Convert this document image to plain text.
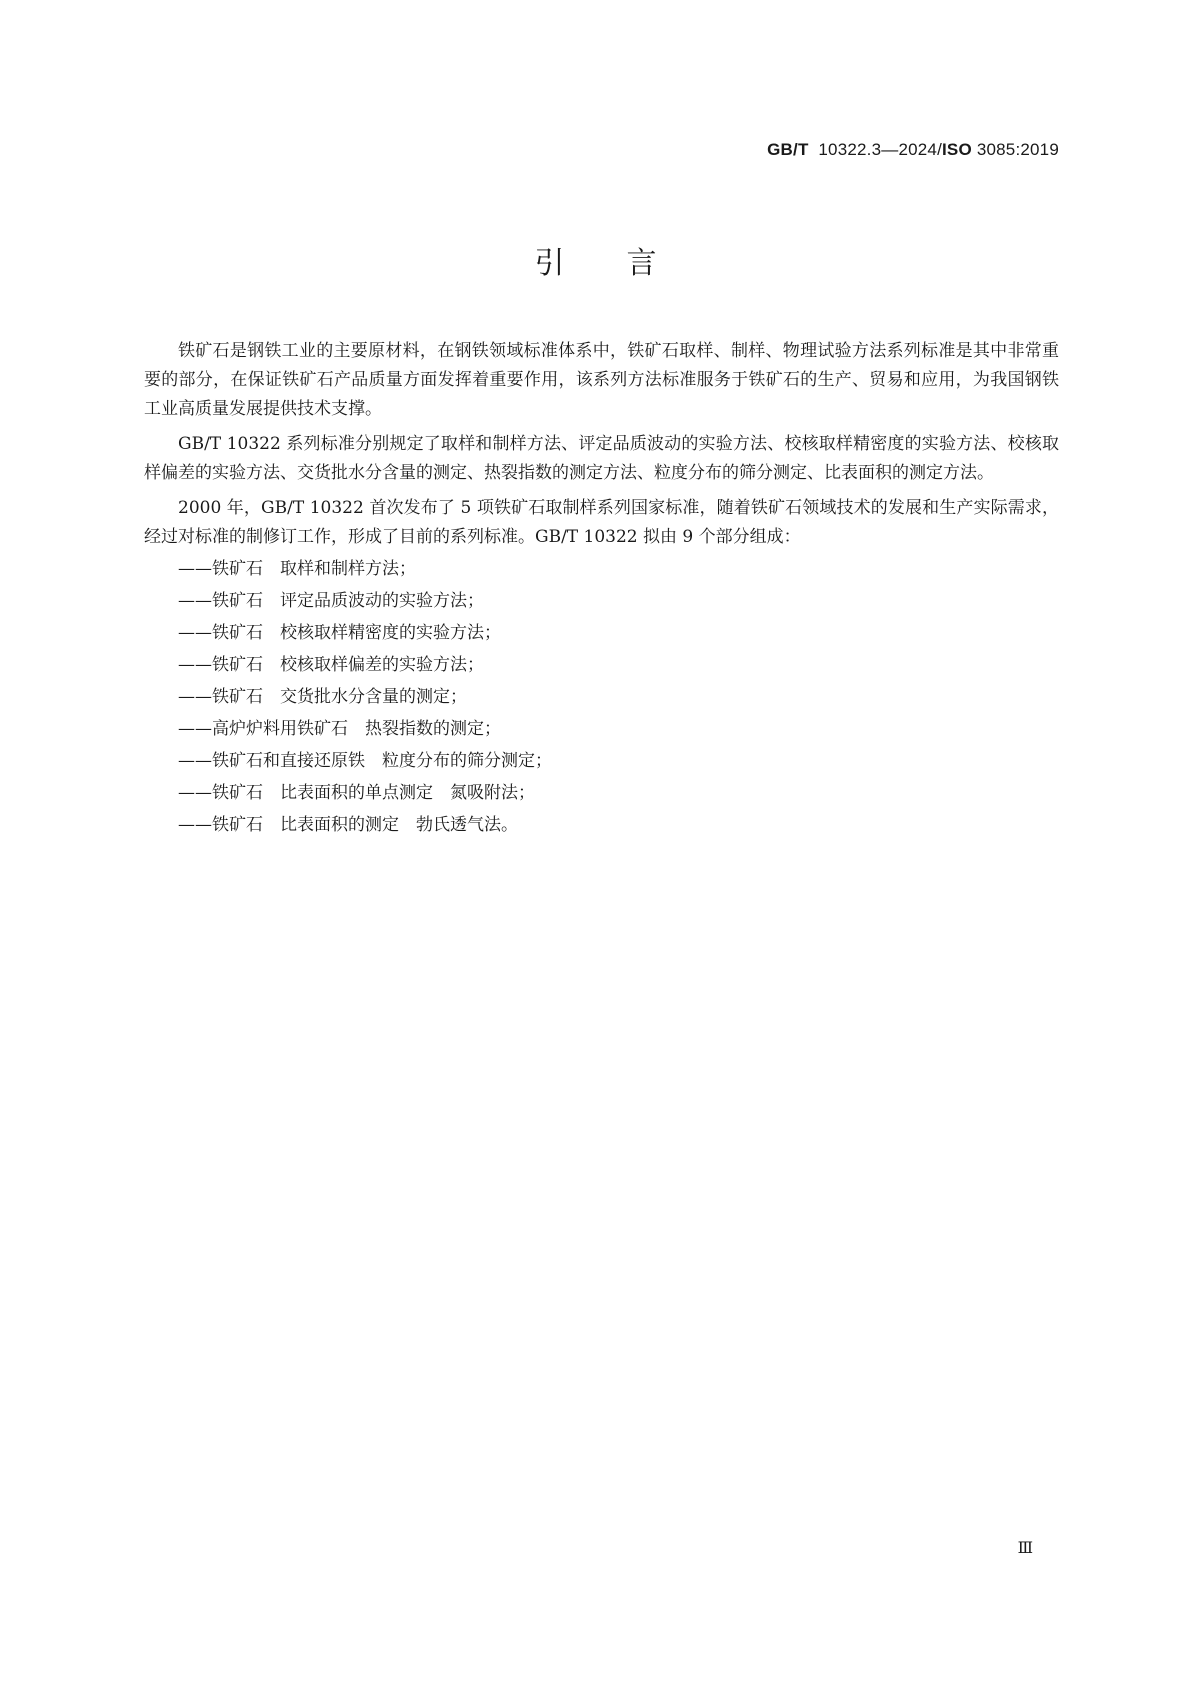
GB/T 10322.3—2024/ISO 3085:2019
引 言

铁矿石是钢铁工业的主要原材料，在钢铁领域标准体系中，铁矿石取样、制样、物理试验方法系列标准是其中非常重要的部分，在保证铁矿石产品质量方面发挥着重要作用，该系列方法标准服务于铁矿石的生产、贸易和应用，为我国钢铁工业高质量发展提供技术支撑。

GB/T 10322 系列标准分别规定了取样和制样方法、评定品质波动的实验方法、校核取样精密度的实验方法、校核取样偏差的实验方法、交货批水分含量的测定、热裂指数的测定方法、粒度分布的筛分测定、比表面积的测定方法。

2000 年，GB/T 10322 首次发布了 5 项铁矿石取制样系列国家标准，随着铁矿石领域技术的发展和生产实际需求，经过对标准的制修订工作，形成了目前的系列标准。GB/T 10322 拟由 9 个部分组成：

——铁矿石 取样和制样方法；
——铁矿石 评定品质波动的实验方法；
——铁矿石 校核取样精密度的实验方法；
——铁矿石 校核取样偏差的实验方法；
——铁矿石 交货批水分含量的测定；
——高炉炉料用铁矿石 热裂指数的测定；
——铁矿石和直接还原铁 粒度分布的筛分测定；
——铁矿石 比表面积的单点测定 氮吸附法；
——铁矿石 比表面积的测定 勃氏透气法。
Ⅲ
